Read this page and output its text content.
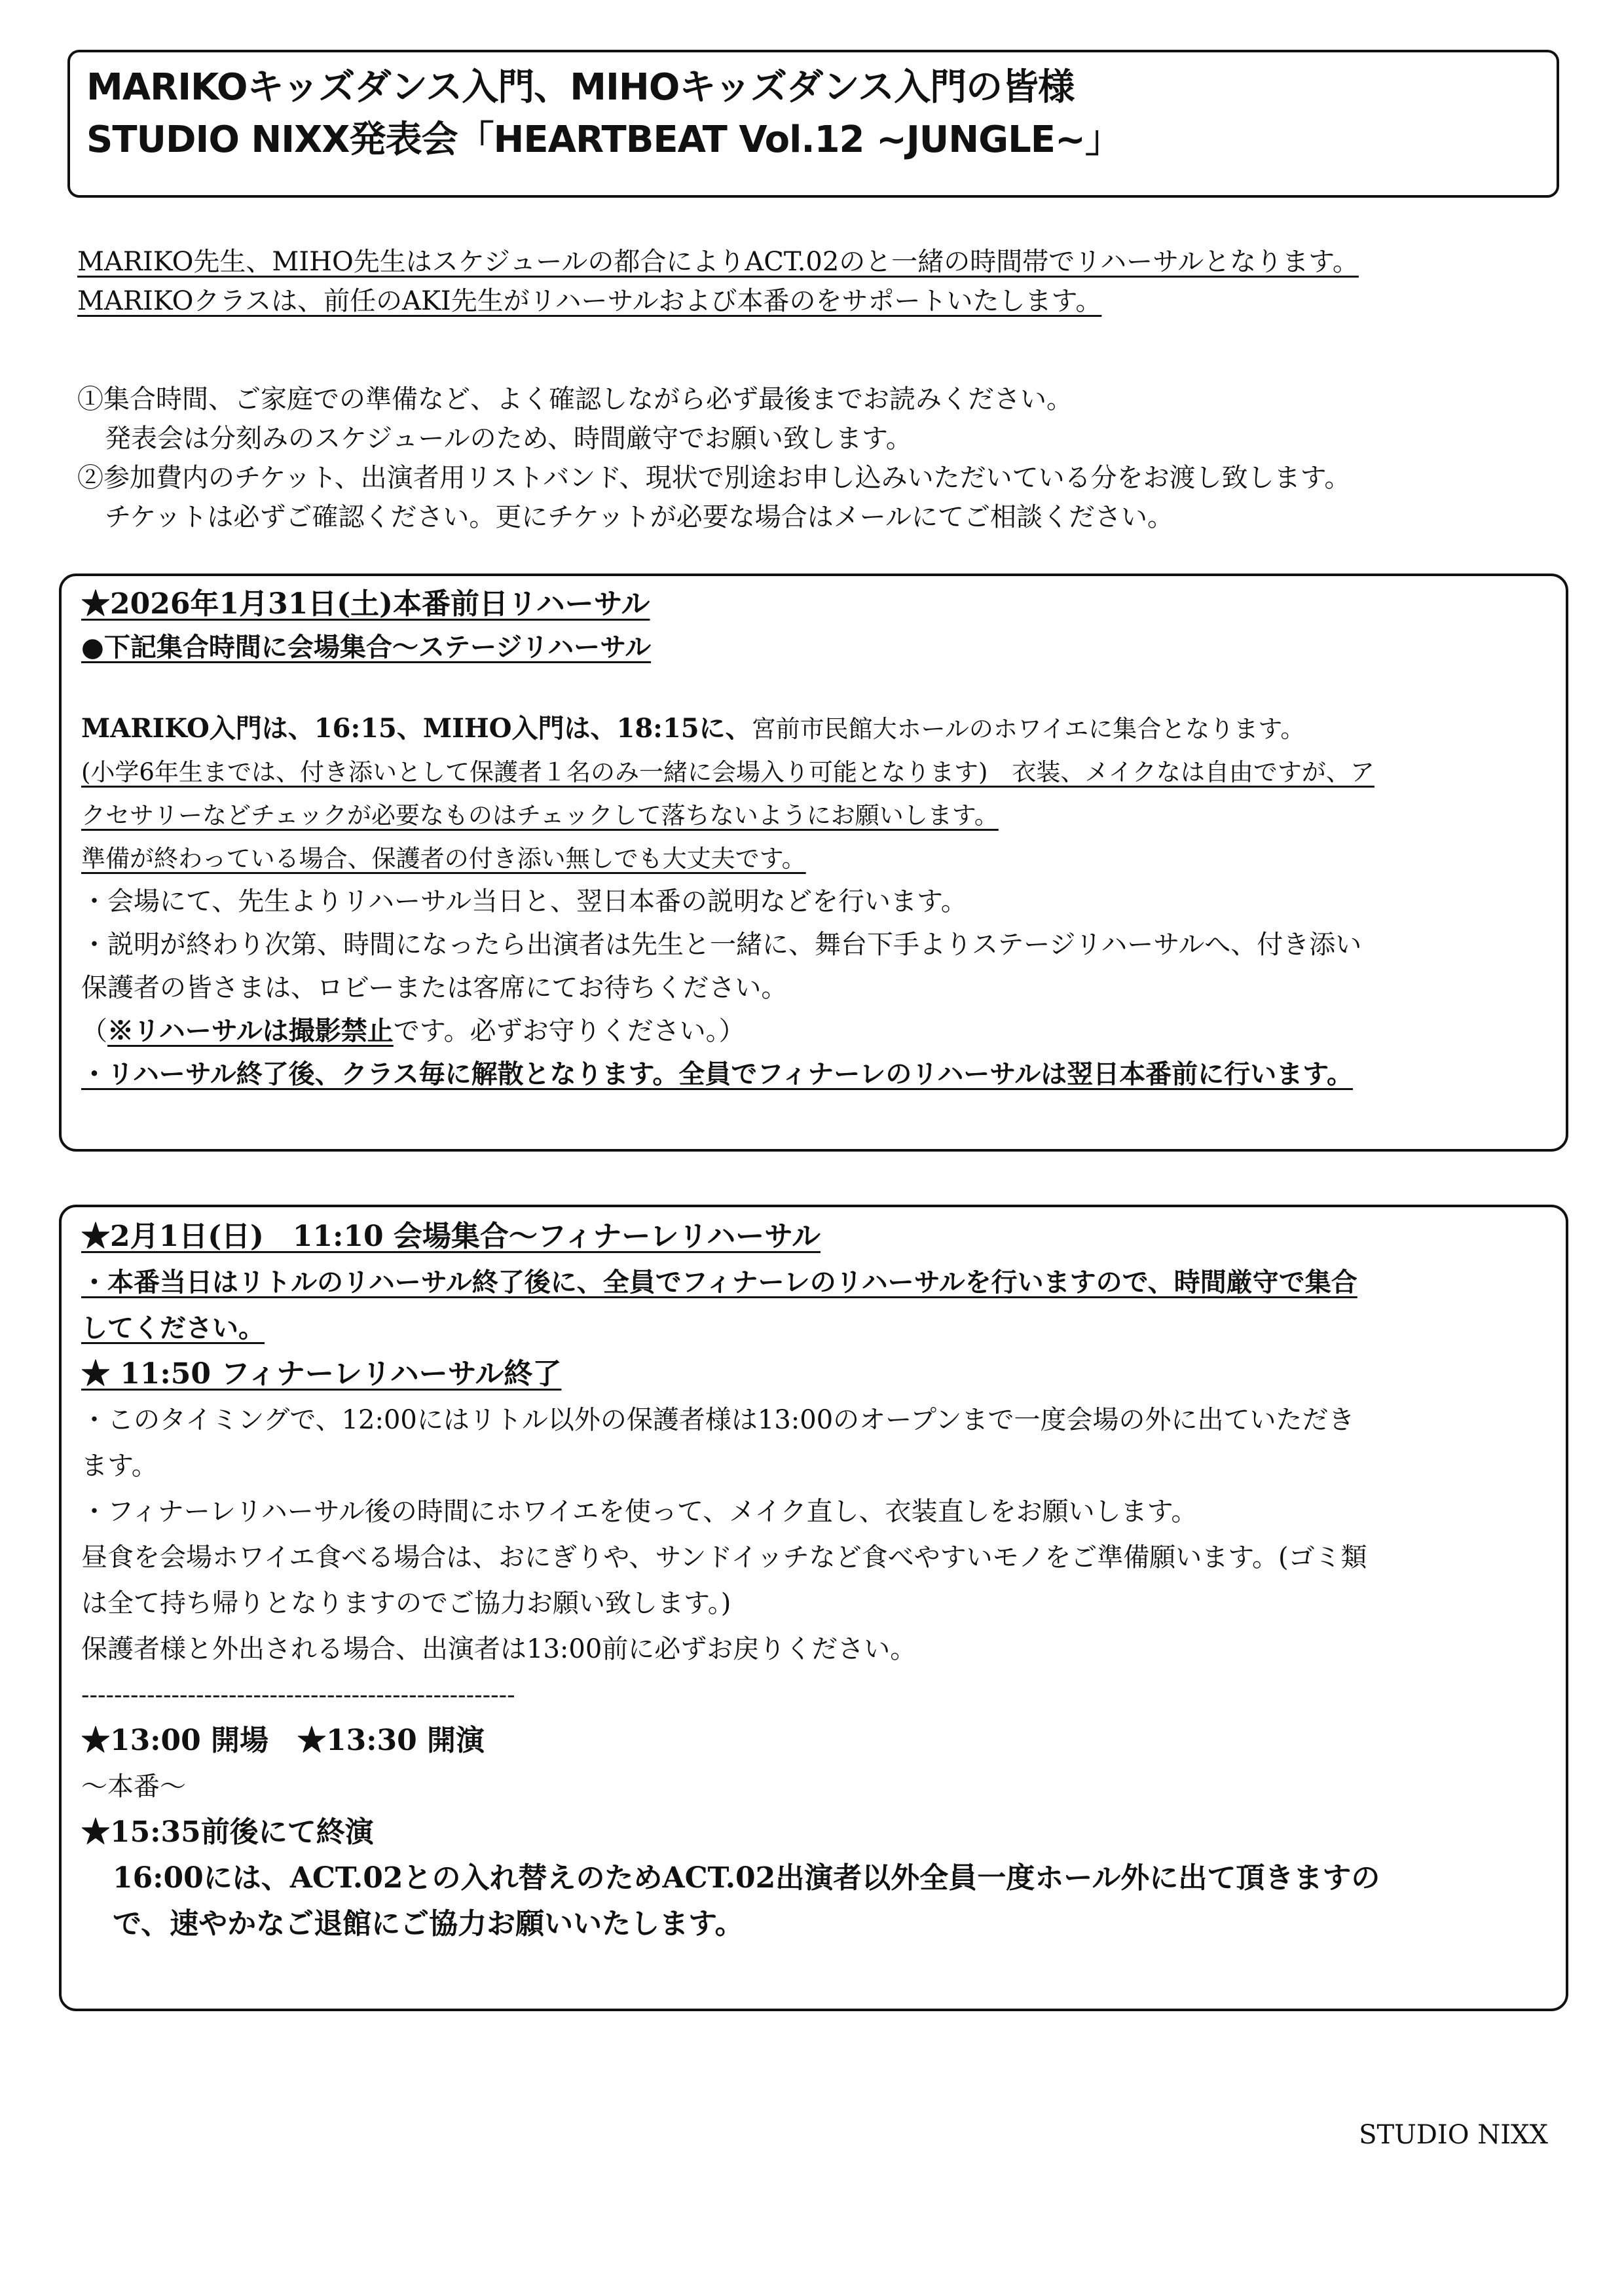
MARIKOキッズダンス入門、MIHOキッズダンス入門の皆様
STUDIO NIXX発表会「HEARTBEAT Vol.12 ~JUNGLE~」
MARIKO先生、MIHO先生はスケジュールの都合によりACT.02のと一緒の時間帯でリハーサルとなります。
MARIKOクラスは、前任のAKI先生がリハーサルおよび本番のをサポートいたします。
①集合時間、ご家庭での準備など、よく確認しながら必ず最後までお読みください。
発表会は分刻みのスケジュールのため、時間厳守でお願い致します。
②参加費内のチケット、出演者用リストバンド、現状で別途お申し込みいただいている分をお渡し致します。
チケットは必ずご確認ください。更にチケットが必要な場合はメールにてご相談ください。
★2026年1月31日(土)本番前日リハーサル
●下記集合時間に会場集合〜ステージリハーサル
MARIKO入門は、16:15、MIHO入門は、18:15に、宮前市民館大ホールのホワイエに集合となります。
(小学6年生までは、付き添いとして保護者１名のみ一緒に会場入り可能となります)　衣装、メイクなは自由ですが、ア
クセサリーなどチェックが必要なものはチェックして落ちないようにお願いします。
準備が終わっている場合、保護者の付き添い無しでも大丈夫です。
・会場にて、先生よりリハーサル当日と、翌日本番の説明などを行います。
・説明が終わり次第、時間になったら出演者は先生と一緒に、舞台下手よりステージリハーサルへ、付き添い
保護者の皆さまは、ロビーまたは客席にてお待ちください。
（※リハーサルは撮影禁止です。必ずお守りください。）
・リハーサル終了後、クラス毎に解散となります。全員でフィナーレのリハーサルは翌日本番前に行います。
★2月1日(日)　11:10 会場集合〜フィナーレリハーサル
・本番当日はリトルのリハーサル終了後に、全員でフィナーレのリハーサルを行いますので、時間厳守で集合
してください。
★ 11:50 フィナーレリハーサル終了
・このタイミングで、12:00にはリトル以外の保護者様は13:00のオープンまで一度会場の外に出ていただき
ます。
・フィナーレリハーサル後の時間にホワイエを使って、メイク直し、衣装直しをお願いします。
昼食を会場ホワイエ食べる場合は、おにぎりや、サンドイッチなど食べやすいモノをご準備願います。(ゴミ類
は全て持ち帰りとなりますのでご協力お願い致します。)
保護者様と外出される場合、出演者は13:00前に必ずお戻りください。
-----------------------------------------------------
★13:00 開場　★13:30 開演
〜本番〜
★15:35前後にて終演
16:00には、ACT.02との入れ替えのためACT.02出演者以外全員一度ホール外に出て頂きますの
で、速やかなご退館にご協力お願いいたします。
STUDIO NIXX
